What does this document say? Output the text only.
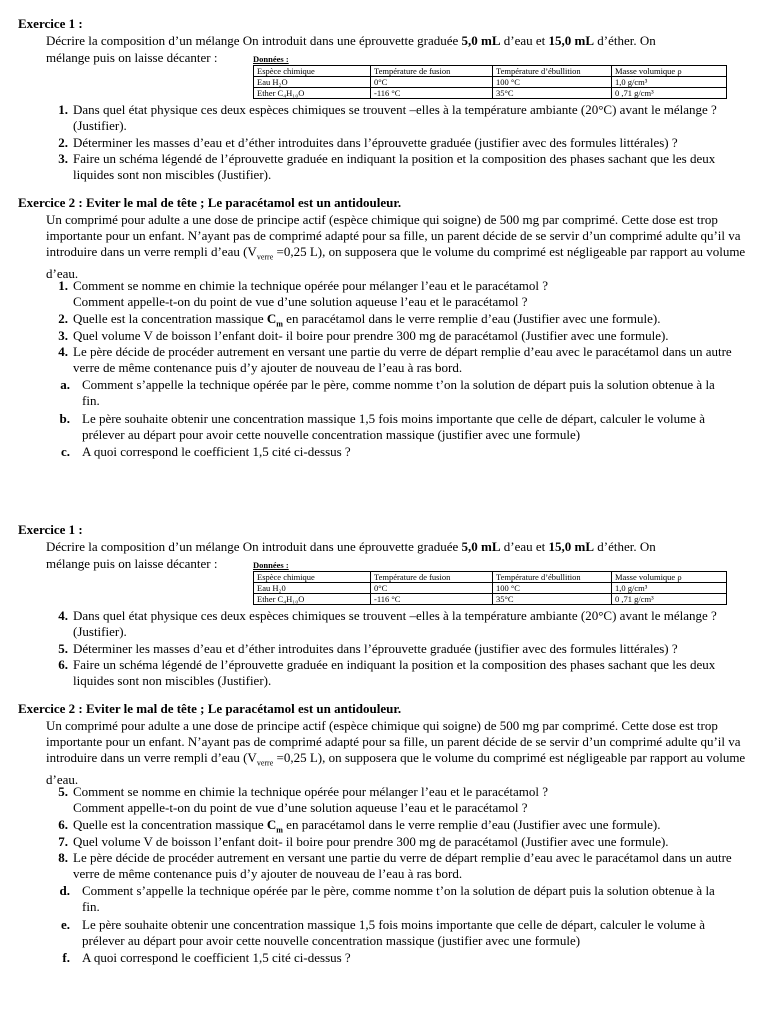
Exercice 1 :
Décrire la composition d’un mélange On introduit dans une éprouvette graduée 5,0 mL d’eau et 15,0 mL d’éther. On
mélange puis on laisse décanter :	Données :
Espèce chimique	Température de fusion	Température d’ébullition	Masse volumique ρ
Eau H₂O	0°C	100 °C	1,0 g/cm³
Ether C₄H₁₀O	-116 °C	35°C	0 ,71 g/cm³
1. Dans quel état physique ces deux espèces chimiques se trouvent –elles à la température ambiante (20°C) avant le mélange ? (Justifier).
2. Déterminer les masses d’eau et d’éther introduites dans l’éprouvette graduée (justifier avec des formules littérales) ?
3. Faire un schéma légendé de l’éprouvette graduée en indiquant la position et la composition des phases sachant que les deux liquides sont non miscibles (Justifier).
Exercice 2 : Eviter le mal de tête ; Le paracétamol est un antidouleur.
Un comprimé pour adulte a une dose de principe actif (espèce chimique qui soigne) de 500 mg par comprimé. Cette dose est trop importante pour un enfant. N’ayant pas de comprimé adapté pour sa fille, un parent décide de se servir d’un comprimé adulte qu’il va introduire dans un verre rempli d’eau ($V_{verre} =0,25$ L), on supposera que le volume du comprimé est négligeable par rapport au volume d’eau.
1. Comment se nomme en chimie la technique opérée pour mélanger l’eau et le paracétamol ?
Comment appelle-t-on du point de vue d’une solution aqueuse l’eau et le paracétamol ?
2. Quelle est la concentration massique $C_m$ en paracétamol dans le verre remplie d’eau (Justifier avec une formule).
3. Quel volume V de boisson l’enfant doit- il boire pour prendre 300 mg de paracétamol (Justifier avec une formule).
4. Le père décide de procéder autrement en versant une partie du verre de départ remplie d’eau avec le paracétamol dans un autre verre de même contenance puis d’y ajouter de nouveau de l’eau à ras bord.
a. Comment s’appelle la technique opérée par le père, comme nomme t’on la solution de départ puis la solution obtenue à la fin.
b. Le père souhaite obtenir une concentration massique 1,5 fois moins importante que celle de départ, calculer le volume à prélever au départ pour avoir cette nouvelle concentration massique (justifier avec une formule)
c. A quoi correspond le coefficient 1,5 cité ci-dessus ?
Exercice 1 :
Décrire la composition d’un mélange On introduit dans une éprouvette graduée 5,0 mL d’eau et 15,0 mL d’éther. On
mélange puis on laisse décanter :	Données :
Espèce chimique	Température de fusion	Température d’ébullition	Masse volumique ρ
Eau H₂0	0°C	100 °C	1,0 g/cm³
Ether C₄H₁₀O	-116 °C	35°C	0 ,71 g/cm³
4. Dans quel état physique ces deux espèces chimiques se trouvent –elles à la température ambiante (20°C) avant le mélange ? (Justifier).
5. Déterminer les masses d’eau et d’éther introduites dans l’éprouvette graduée (justifier avec des formules littérales) ?
6. Faire un schéma légendé de l’éprouvette graduée en indiquant la position et la composition des phases sachant que les deux liquides sont non miscibles (Justifier).
Exercice 2 : Eviter le mal de tête ; Le paracétamol est un antidouleur.
Un comprimé pour adulte a une dose de principe actif (espèce chimique qui soigne) de 500 mg par comprimé. Cette dose est trop importante pour un enfant. N’ayant pas de comprimé adapté pour sa fille, un parent décide de se servir d’un comprimé adulte qu’il va introduire dans un verre rempli d’eau ($V_{verre} =0,25$ L), on supposera que le volume du comprimé est négligeable par rapport au volume d’eau.
5. Comment se nomme en chimie la technique opérée pour mélanger l’eau et le paracétamol ?
Comment appelle-t-on du point de vue d’une solution aqueuse l’eau et le paracétamol ?
6. Quelle est la concentration massique $C_m$ en paracétamol dans le verre remplie d’eau (Justifier avec une formule).
7. Quel volume V de boisson l’enfant doit- il boire pour prendre 300 mg de paracétamol (Justifier avec une formule).
8. Le père décide de procéder autrement en versant une partie du verre de départ remplie d’eau avec le paracétamol dans un autre verre de même contenance puis d’y ajouter de nouveau de l’eau à ras bord.
d. Comment s’appelle la technique opérée par le père, comme nomme t’on la solution de départ puis la solution obtenue à la fin.
e. Le père souhaite obtenir une concentration massique 1,5 fois moins importante que celle de départ, calculer le volume à prélever au départ pour avoir cette nouvelle concentration massique (justifier avec une formule)
f. A quoi correspond le coefficient 1,5 cité ci-dessus ?
